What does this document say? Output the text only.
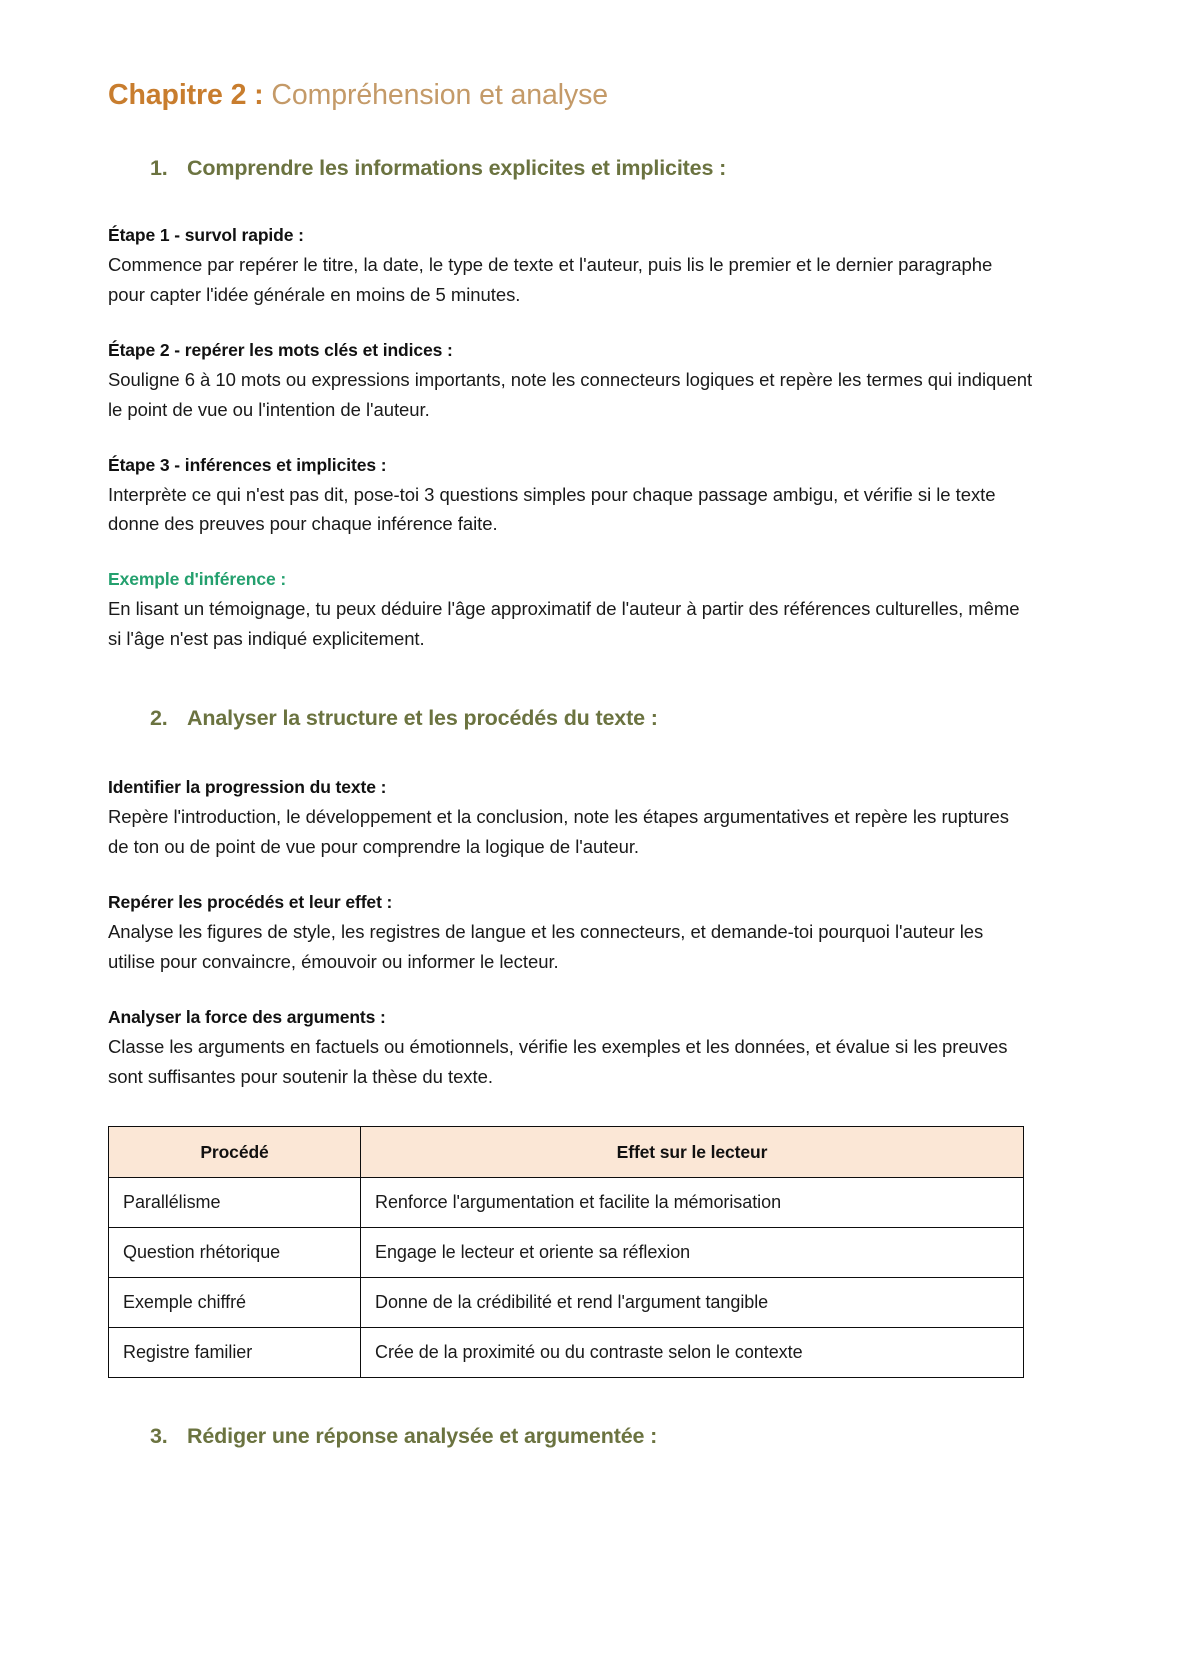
Chapitre 2 : Compréhension et analyse
1. Comprendre les informations explicites et implicites :
Étape 1 - survol rapide :

Commence par repérer le titre, la date, le type de texte et l'auteur, puis lis le premier et le dernier paragraphe pour capter l'idée générale en moins de 5 minutes.

Étape 2 - repérer les mots clés et indices :

Souligne 6 à 10 mots ou expressions importants, note les connecteurs logiques et repère les termes qui indiquent le point de vue ou l'intention de l'auteur.

Étape 3 - inférences et implicites :

Interprète ce qui n'est pas dit, pose-toi 3 questions simples pour chaque passage ambigu, et vérifie si le texte donne des preuves pour chaque inférence faite.

Exemple d'inférence :

En lisant un témoignage, tu peux déduire l'âge approximatif de l'auteur à partir des références culturelles, même si l'âge n'est pas indiqué explicitement.

2. Analyser la structure et les procédés du texte :
Identifier la progression du texte :

Repère l'introduction, le développement et la conclusion, note les étapes argumentatives et repère les ruptures de ton ou de point de vue pour comprendre la logique de l'auteur.

Repérer les procédés et leur effet :

Analyse les figures de style, les registres de langue et les connecteurs, et demande-toi pourquoi l'auteur les utilise pour convaincre, émouvoir ou informer le lecteur.

Analyser la force des arguments :

Classe les arguments en factuels ou émotionnels, vérifie les exemples et les données, et évalue si les preuves sont suffisantes pour soutenir la thèse du texte.

Procédé	Effet sur le lecteur
Parallélisme	Renforce l'argumentation et facilite la mémorisation
Question rhétorique	Engage le lecteur et oriente sa réflexion
Exemple chiffré	Donne de la crédibilité et rend l'argument tangible
Registre familier	Crée de la proximité ou du contraste selon le contexte
3. Rédiger une réponse analysée et argumentée :
